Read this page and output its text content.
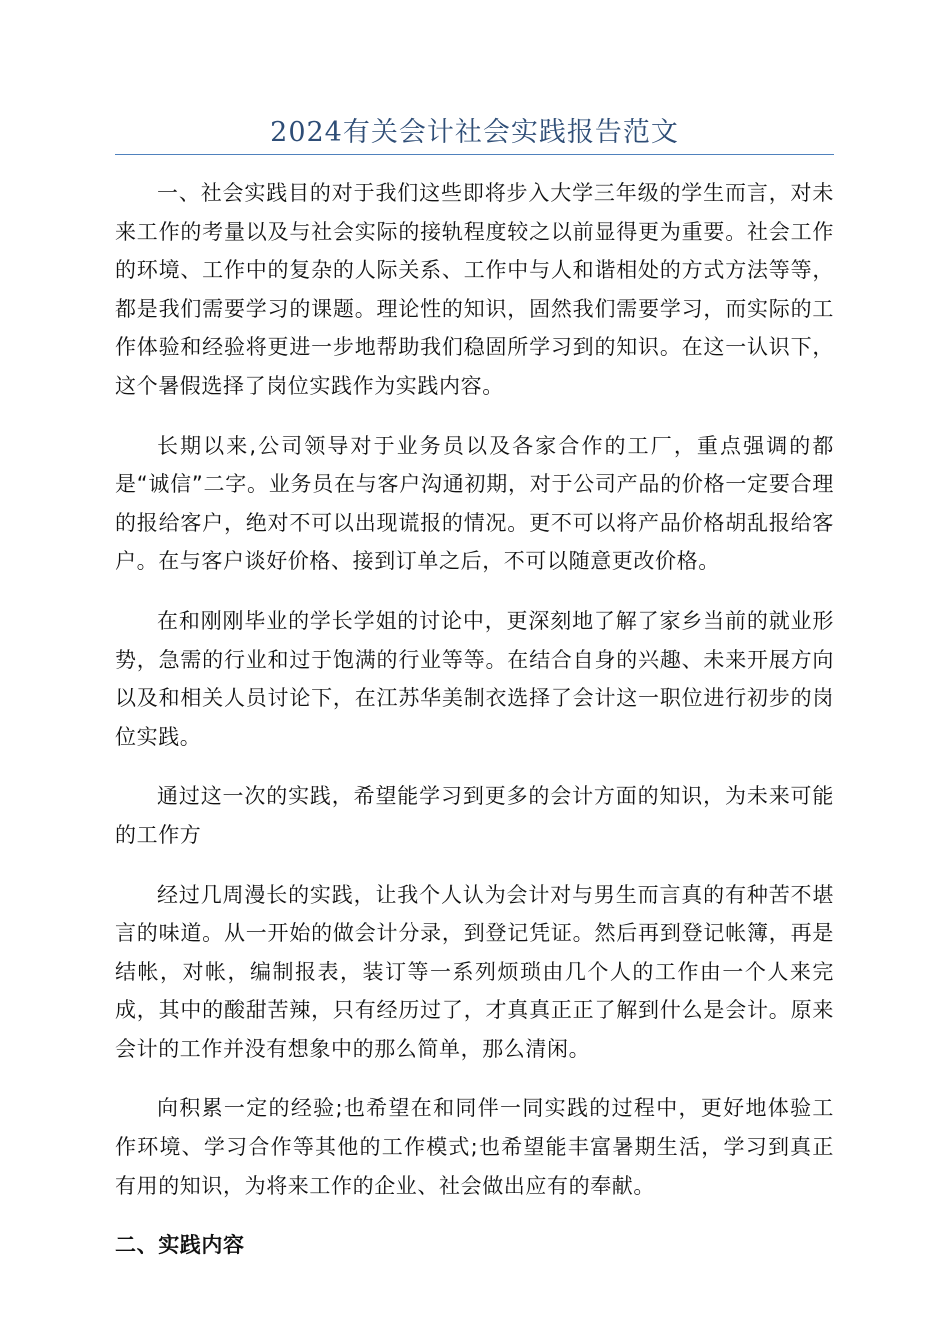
2024有关会计社会实践报告范文

一、社会实践目的对于我们这些即将步入大学三年级的学生而言，对未来工作的考量以及与社会实际的接轨程度较之以前显得更为重要。社会工作的环境、工作中的复杂的人际关系、工作中与人和谐相处的方式方法等等，都是我们需要学习的课题。理论性的知识，固然我们需要学习，而实际的工作体验和经验将更进一步地帮助我们稳固所学习到的知识。在这一认识下，这个暑假选择了岗位实践作为实践内容。

长期以来,公司领导对于业务员以及各家合作的工厂，重点强调的都是“诚信”二字。业务员在与客户沟通初期，对于公司产品的价格一定要合理的报给客户，绝对不可以出现谎报的情况。更不可以将产品价格胡乱报给客户。在与客户谈好价格、接到订单之后，不可以随意更改价格。

在和刚刚毕业的学长学姐的讨论中，更深刻地了解了家乡当前的就业形势，急需的行业和过于饱满的行业等等。在结合自身的兴趣、未来开展方向以及和相关人员讨论下，在江苏华美制衣选择了会计这一职位进行初步的岗位实践。

通过这一次的实践，希望能学习到更多的会计方面的知识，为未来可能的工作方

经过几周漫长的实践，让我个人认为会计对与男生而言真的有种苦不堪言的味道。从一开始的做会计分录，到登记凭证。然后再到登记帐簿，再是结帐，对帐，编制报表，装订等一系列烦琐由几个人的工作由一个人来完成，其中的酸甜苦辣，只有经历过了，才真真正正了解到什么是会计。原来会计的工作并没有想象中的那么简单，那么清闲。

向积累一定的经验;也希望在和同伴一同实践的过程中，更好地体验工作环境、学习合作等其他的工作模式;也希望能丰富暑期生活，学习到真正有用的知识，为将来工作的企业、社会做出应有的奉献。

二、实践内容
